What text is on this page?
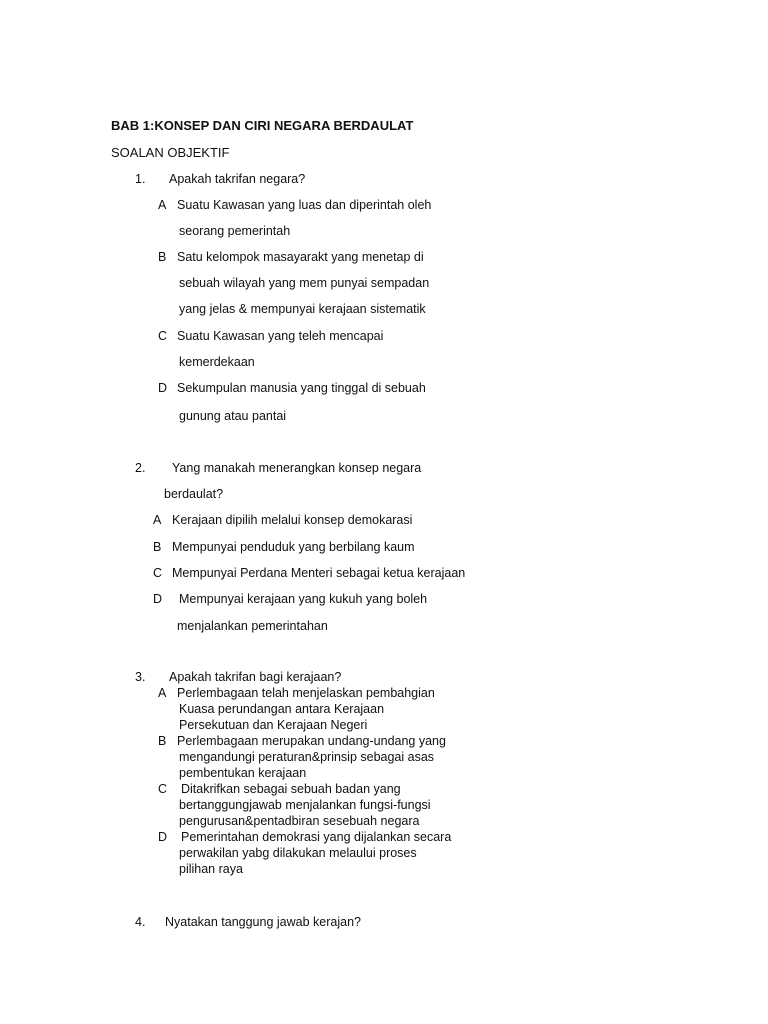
BAB 1:KONSEP DAN CIRI NEGARA BERDAULAT
SOALAN OBJEKTIF
1. Apakah takrifan negara?
A Suatu Kawasan yang luas dan diperintah oleh
seorang pemerintah
B Satu kelompok masayarakt yang menetap di
sebuah wilayah yang mem punyai sempadan
yang jelas & mempunyai kerajaan sistematik
C Suatu Kawasan yang teleh mencapai
kemerdekaan
D Sekumpulan manusia yang tinggal di sebuah
gunung atau pantai
2. Yang manakah menerangkan konsep negara
berdaulat?
A Kerajaan dipilih melalui konsep demokarasi
B Mempunyai penduduk yang berbilang kaum
C Mempunyai Perdana Menteri sebagai ketua kerajaan
D Mempunyai kerajaan yang kukuh yang boleh
menjalankan pemerintahan
3. Apakah takrifan bagi kerajaan?
A Perlembagaan telah menjelaskan pembahgian
Kuasa perundangan antara Kerajaan
Persekutuan dan Kerajaan Negeri
B Perlembagaan merupakan undang-undang yang
mengandungi peraturan&prinsip sebagai asas
pembentukan kerajaan
C Ditakrifkan sebagai sebuah badan yang
bertanggungjawab menjalankan fungsi-fungsi
pengurusan&pentadbiran sesebuah negara
D Pemerintahan demokrasi yang dijalankan secara
perwakilan yabg dilakukan melaului proses
pilihan raya
4. Nyatakan tanggung jawab kerajan?
